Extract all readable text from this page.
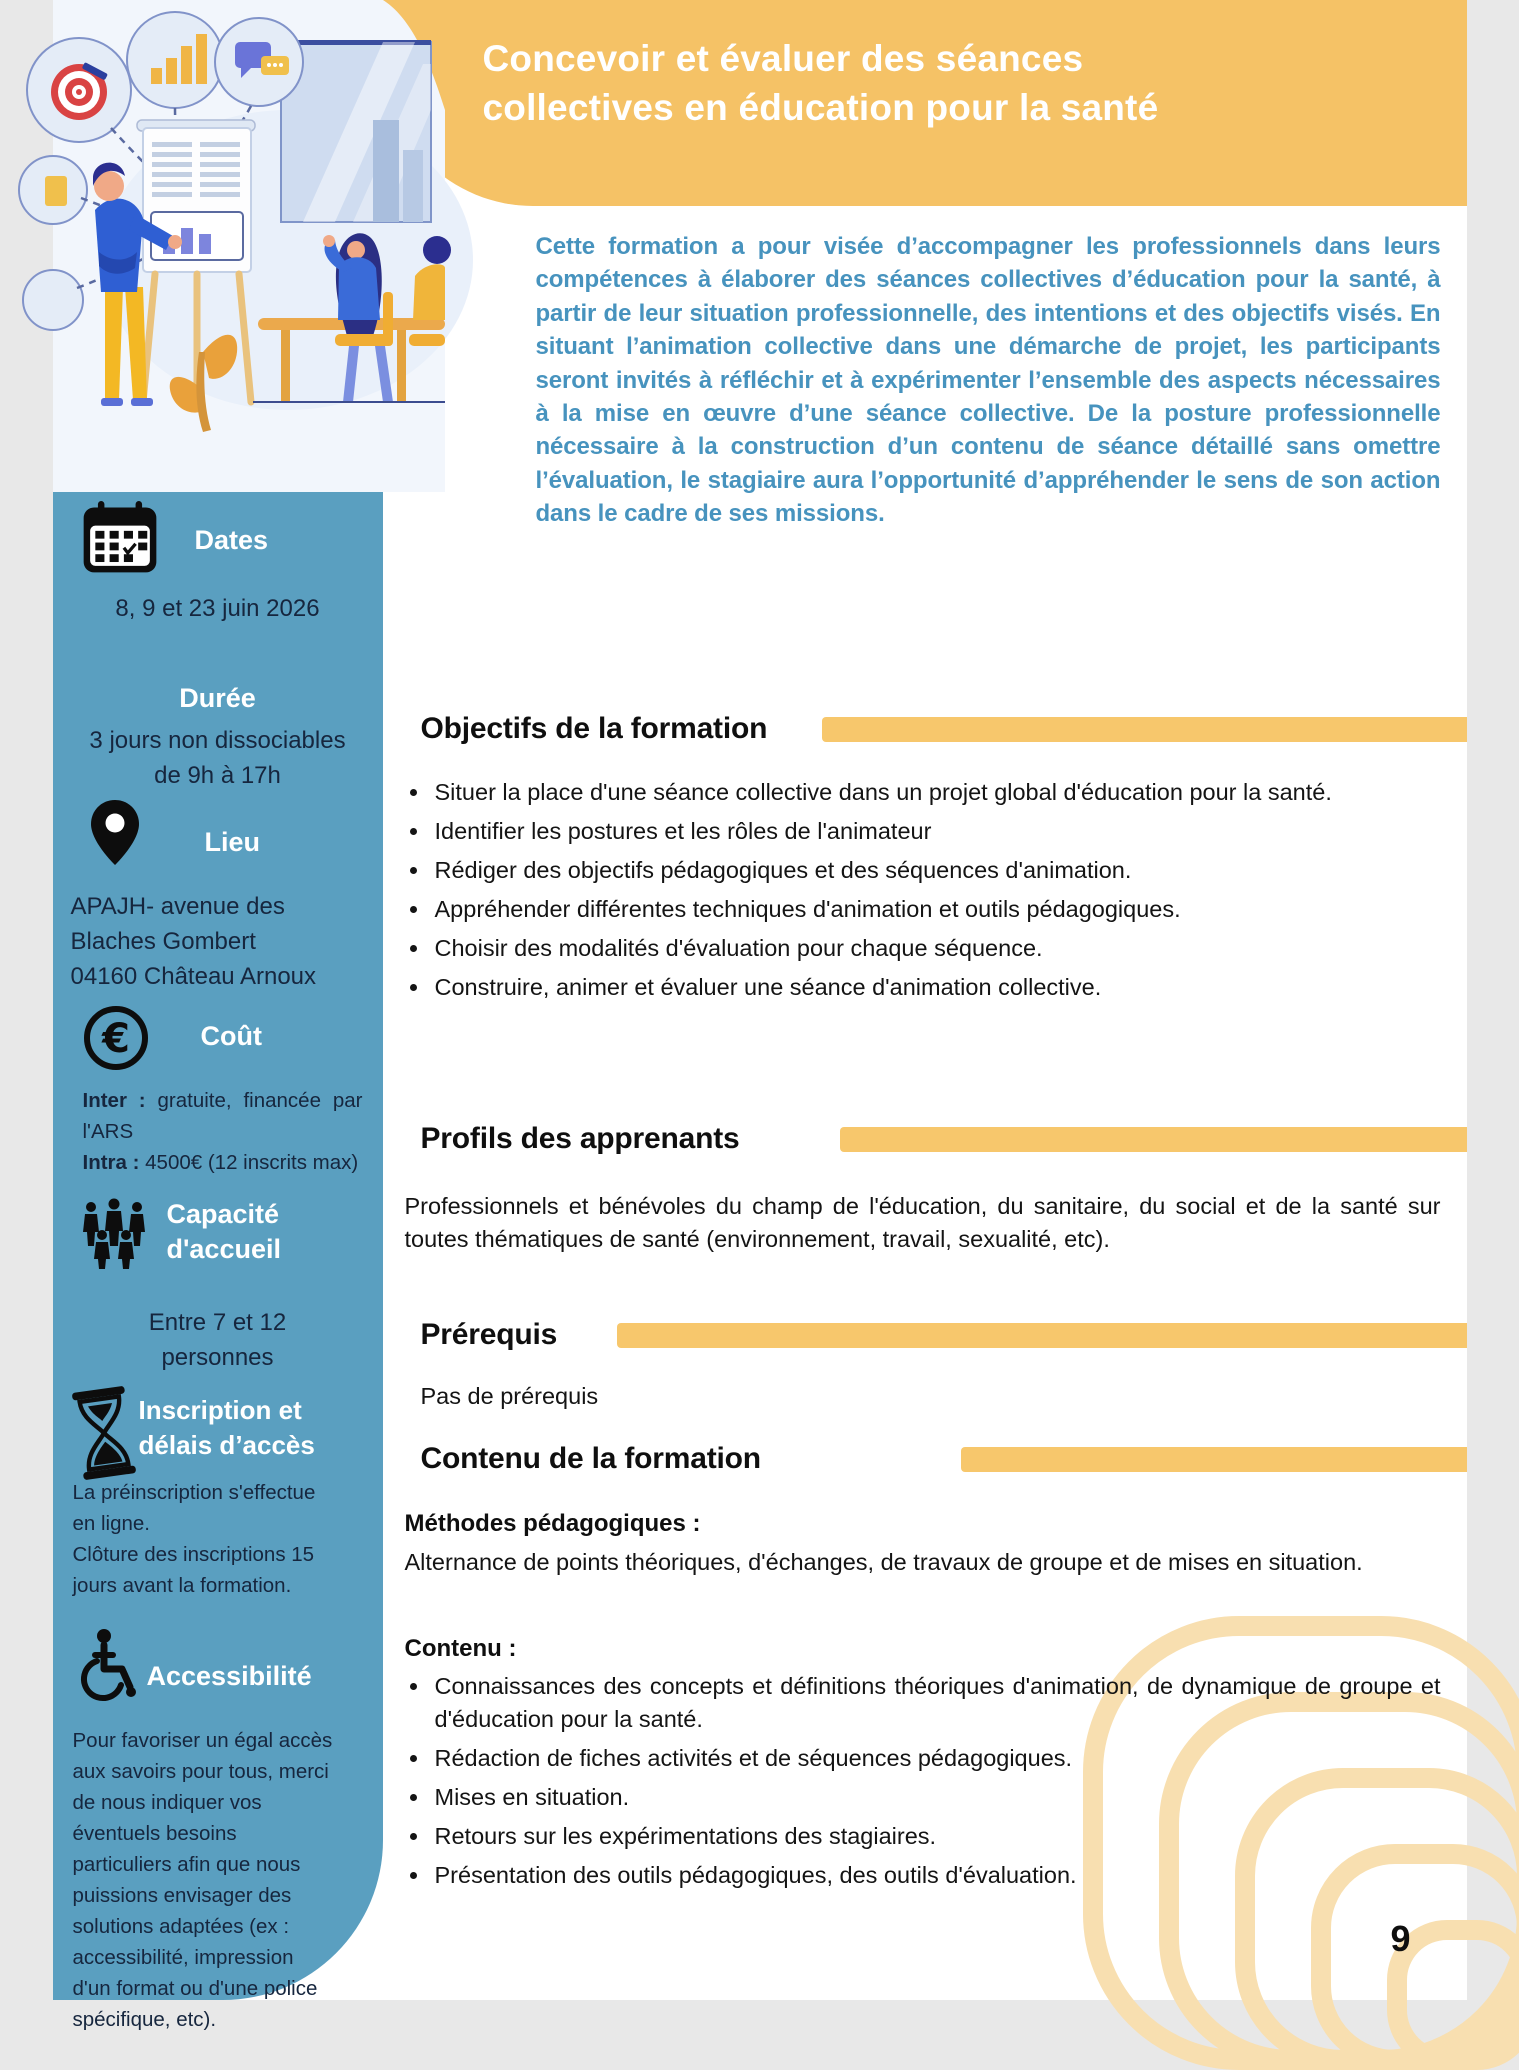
Concevoir et évaluer des séances
collectives en éducation pour la santé
Dates
8, 9 et 23 juin 2026
Durée
3 jours non dissociables
de 9h à 17h
Lieu
APAJH- avenue des
Blaches Gombert
04160 Château Arnoux
€	Coût
Inter : gratuite, financée par l'ARS
Intra : 4500€ (12 inscrits max)
Capacité
d'accueil
Entre 7 et 12
personnes
Inscription et
délais d’accès
La préinscription s'effectue
en ligne.
Clôture des inscriptions 15
jours avant la formation.
Accessibilité
Pour favoriser un égal accès
aux savoirs pour tous, merci
de nous indiquer vos
éventuels besoins
particuliers afin que nous
puissions envisager des
solutions adaptées (ex :
accessibilité, impression
d'un format ou d'une police
spécifique, etc).

Cette formation a pour visée d’accompagner les professionnels dans leurs compétences à élaborer des séances collectives d’éducation pour la santé, à partir de leur situation professionnelle, des intentions et des objectifs visés. En situant l’animation collective dans une démarche de projet, les participants seront invités à réfléchir et à expérimenter l’ensemble des aspects nécessaires à la mise en œuvre d’une séance collective. De la posture professionnelle nécessaire à la construction d’un contenu de séance détaillé sans omettre l’évaluation, le stagiaire aura l’opportunité d’appréhender le sens de son action dans le cadre de ses missions.

Objectifs de la formation
• Situer la place d'une séance collective dans un projet global d'éducation pour la santé.
• Identifier les postures et les rôles de l'animateur
• Rédiger des objectifs pédagogiques et des séquences d'animation.
• Appréhender différentes techniques d'animation et outils pédagogiques.
• Choisir des modalités d'évaluation pour chaque séquence.
• Construire, animer et évaluer une séance d'animation collective.
Profils des apprenants

Professionnels et bénévoles du champ de l'éducation, du sanitaire, du social et de la santé sur toutes thématiques de santé (environnement, travail, sexualité, etc).

Prérequis

Pas de prérequis

Contenu de la formation

Méthodes pédagogiques :

Alternance de points théoriques, d'échanges, de travaux de groupe et de mises en situation.

Contenu :

• Connaissances des concepts et définitions théoriques d'animation, de dynamique de groupe et d'éducation pour la santé.
• Rédaction de fiches activités et de séquences pédagogiques.
• Mises en situation.
• Retours sur les expérimentations des stagiaires.
• Présentation des outils pédagogiques, des outils d'évaluation.
9
